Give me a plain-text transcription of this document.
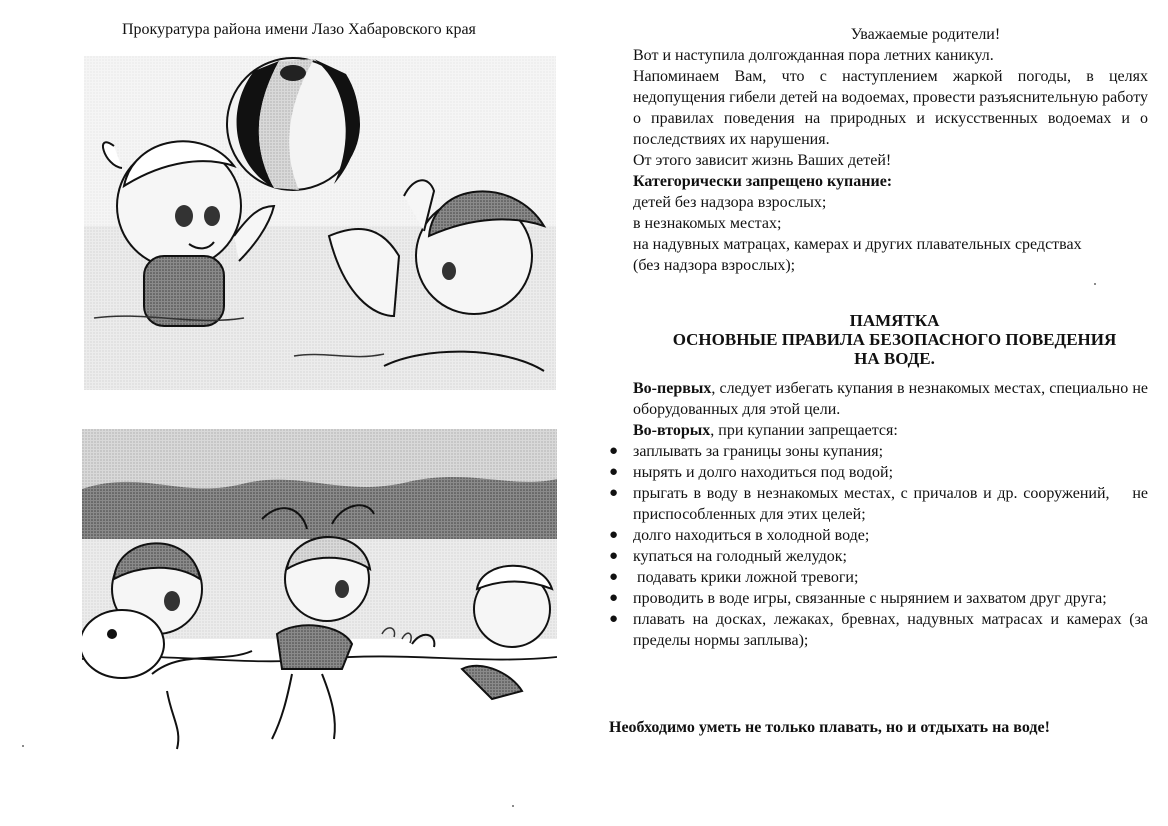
Прокуратура района имени Лазо Хабаровского края	Уважаемые родители!

Вот и наступила долгожданная пора летних каникул.

Напоминаем Вам, что с наступлением жаркой погоды, в целях недопущения гибели детей на водоемах, провести разъяснительную работу о правилах поведения на природных и искусственных водоемах и о последствиях их нарушения.

От этого зависит жизнь Ваших детей!

Категорически запрещено купание:

детей без надзора взрослых;

в незнакомых местах;

на надувных матрацах, камерах и других плавательных средствах (без надзора взрослых);

ПАМЯТКА
ОСНОВНЫЕ ПРАВИЛА БЕЗОПАСНОГО ПОВЕДЕНИЯ
НА ВОДЕ.

Во-первых, следует избегать купания в незнакомых местах, специально не оборудованных для этой цели.

Во-вторых, при купании запрещается:

● заплывать за границы зоны купания;
● нырять и долго находиться под водой;
● прыгать в воду в незнакомых местах, с причалов и др. сооружений,    не приспособленных для этих целей;
● долго находиться в холодной воде;
● купаться на голодный желудок;
● подавать крики ложной тревоги;
● проводить в воде игры, связанные с нырянием и захватом друг друга;
● плавать на досках, лежаках, бревнах, надувных матрасах и камерах (за пределы нормы заплыва);
Необходимо уметь не только плавать, но и отдыхать на воде!
